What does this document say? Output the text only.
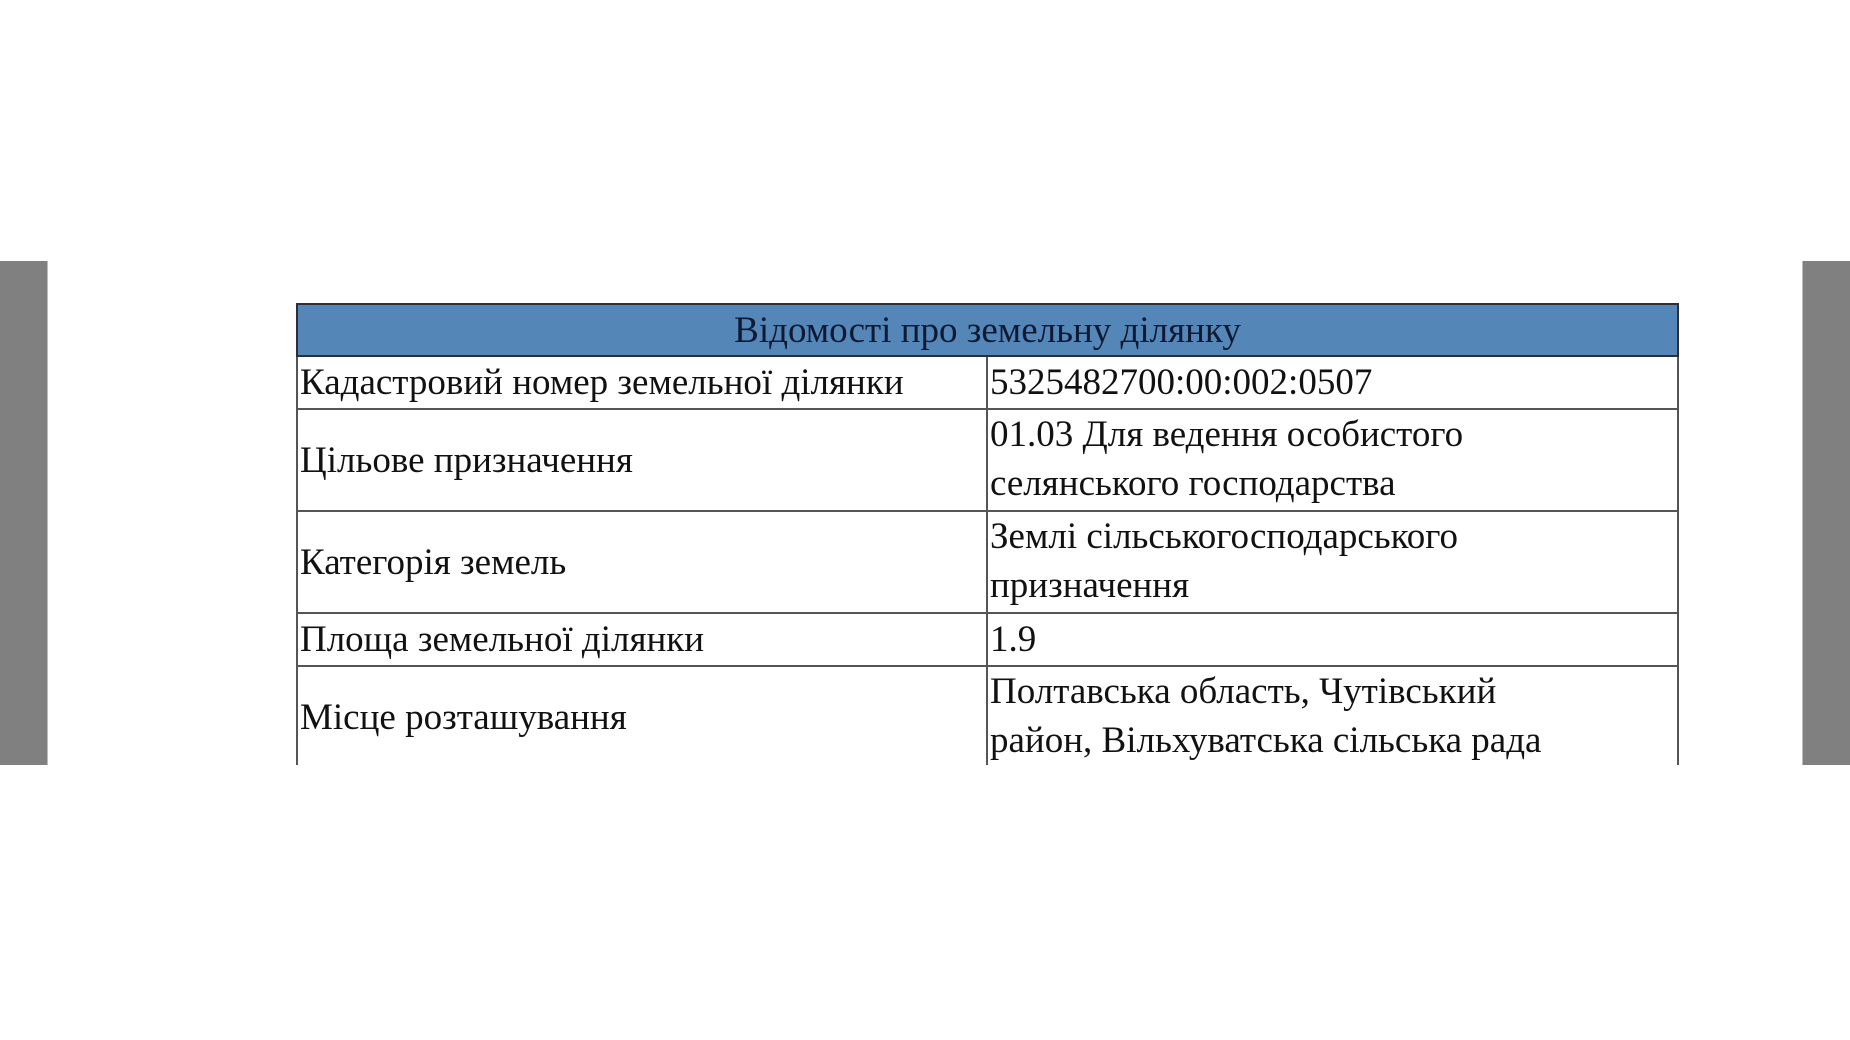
Відомості про земельну ділянку	
Кадастровий номер земельної ділянки	5325482700:00:002:0507

Цільове призначення	01.03 Для ведення особистого
селянського господарства

Категорія земель	Землі сільськогосподарського
призначення

Площа земельної ділянки	1.9

Місце розташування	Полтавська область, Чутівський
район, Вільхуватська сільська рада
